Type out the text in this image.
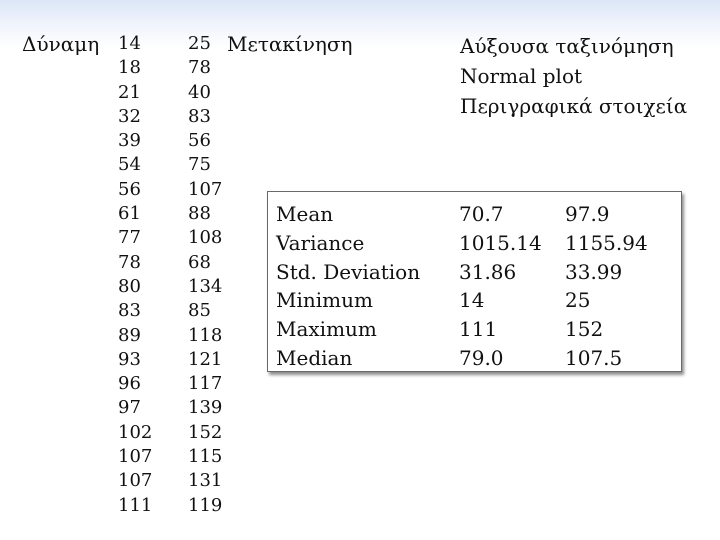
Δύναμη	Μετακίνηση
14
18
21
32
39
54
56
61
77
78
80
83
89
93
96
97
102
107
107
111
25
78
40
83
56
75
107
88
108
68
134
85
118
121
117
139
152
115
131
119
Αύξουσα ταξινόμηση
Normal plot
Περιγραφικά στοιχεία
Mean
Variance
Std. Deviation
Minimum
Maximum
Median
70.7
1015.14
31.86
14
111
79.0
97.9
1155.94
33.99
25
152
107.5
